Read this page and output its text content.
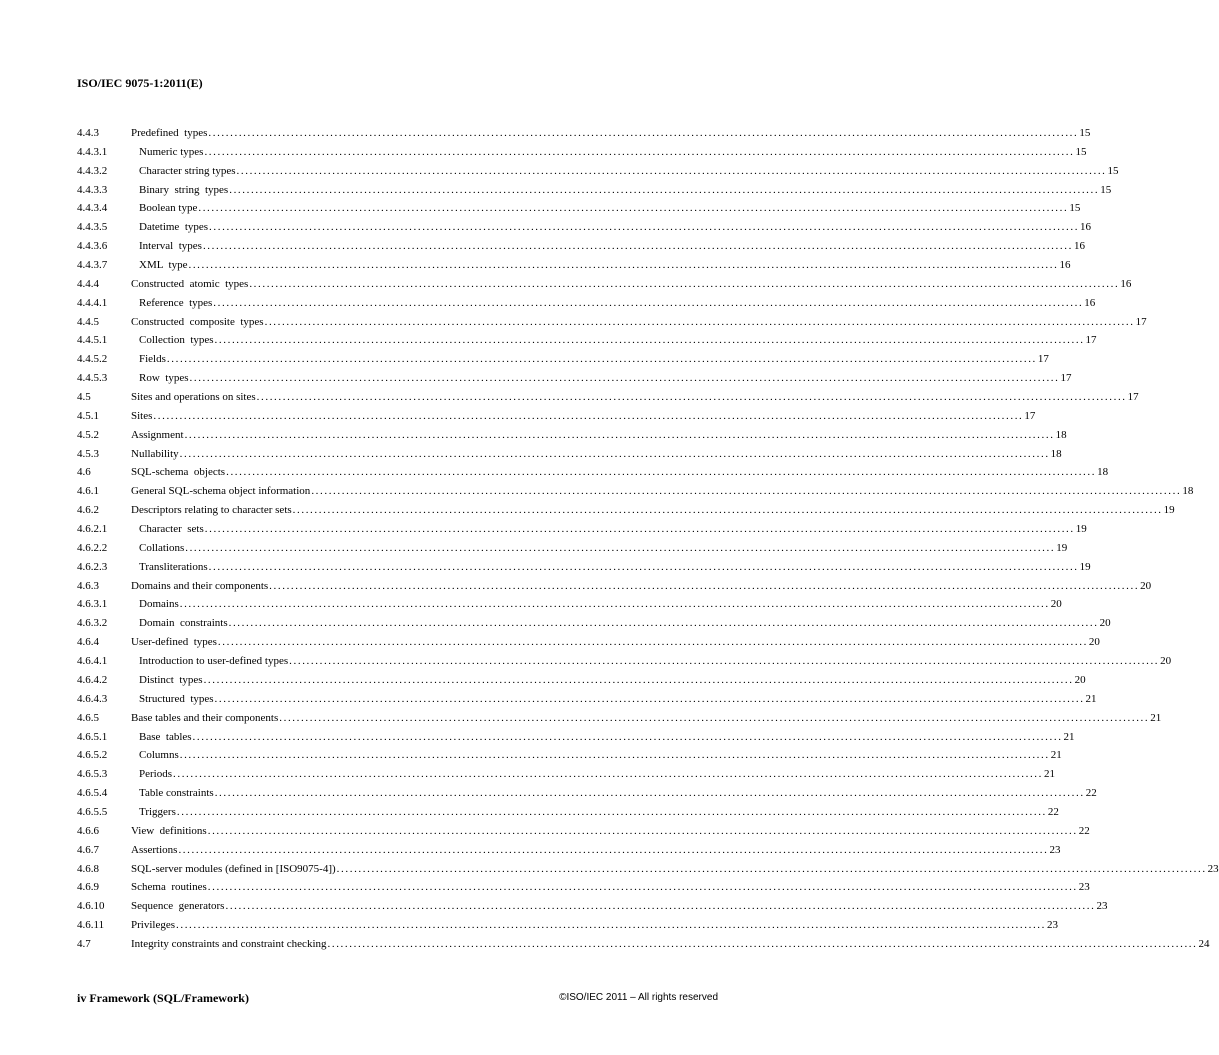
ISO/IEC 9075-1:2011(E)
4.4.3	Predefined  types ........................................................................................................................................................................................................ 15
4.4.3.1	Numeric types ........................................................................................................................................................................................................ 15
4.4.3.2	Character string types ........................................................................................................................................................................................................ 15
4.4.3.3	Binary  string  types ........................................................................................................................................................................................................ 15
4.4.3.4	Boolean type ........................................................................................................................................................................................................ 15
4.4.3.5	Datetime  types ........................................................................................................................................................................................................ 16
4.4.3.6	Interval  types ........................................................................................................................................................................................................ 16
4.4.3.7	XML  type ........................................................................................................................................................................................................ 16
4.4.4	Constructed  atomic  types ........................................................................................................................................................................................................ 16
4.4.4.1	Reference  types ........................................................................................................................................................................................................ 16
4.4.5	Constructed  composite  types ........................................................................................................................................................................................................ 17
4.4.5.1	Collection  types ........................................................................................................................................................................................................ 17
4.4.5.2	Fields ........................................................................................................................................................................................................ 17
4.4.5.3	Row  types ........................................................................................................................................................................................................ 17
4.5	Sites and operations on sites ........................................................................................................................................................................................................ 17
4.5.1	Sites ........................................................................................................................................................................................................ 17
4.5.2	Assignment ........................................................................................................................................................................................................ 18
4.5.3	Nullability ........................................................................................................................................................................................................ 18
4.6	SQL-schema  objects ........................................................................................................................................................................................................ 18
4.6.1	General SQL-schema object information ........................................................................................................................................................................................................ 18
4.6.2	Descriptors relating to character sets ........................................................................................................................................................................................................ 19
4.6.2.1	Character  sets ........................................................................................................................................................................................................ 19
4.6.2.2	Collations ........................................................................................................................................................................................................ 19
4.6.2.3	Transliterations ........................................................................................................................................................................................................ 19
4.6.3	Domains and their components ........................................................................................................................................................................................................ 20
4.6.3.1	Domains ........................................................................................................................................................................................................ 20
4.6.3.2	Domain  constraints ........................................................................................................................................................................................................ 20
4.6.4	User-defined  types ........................................................................................................................................................................................................ 20
4.6.4.1	Introduction to user-defined types ........................................................................................................................................................................................................ 20
4.6.4.2	Distinct  types ........................................................................................................................................................................................................ 20
4.6.4.3	Structured  types ........................................................................................................................................................................................................ 21
4.6.5	Base tables and their components ........................................................................................................................................................................................................ 21
4.6.5.1	Base  tables ........................................................................................................................................................................................................ 21
4.6.5.2	Columns ........................................................................................................................................................................................................ 21
4.6.5.3	Periods ........................................................................................................................................................................................................ 21
4.6.5.4	Table constraints ........................................................................................................................................................................................................ 22
4.6.5.5	Triggers ........................................................................................................................................................................................................ 22
4.6.6	View  definitions ........................................................................................................................................................................................................ 22
4.6.7	Assertions ........................................................................................................................................................................................................ 23
4.6.8	SQL-server modules (defined in [ISO9075-4]) ........................................................................................................................................................................................................ 23
4.6.9	Schema  routines ........................................................................................................................................................................................................ 23
4.6.10	Sequence  generators ........................................................................................................................................................................................................ 23
4.6.11	Privileges ........................................................................................................................................................................................................ 23
4.7	Integrity constraints and constraint checking ........................................................................................................................................................................................................ 24
iv Framework (SQL/Framework)	©ISO/IEC 2011 – All rights reserved
